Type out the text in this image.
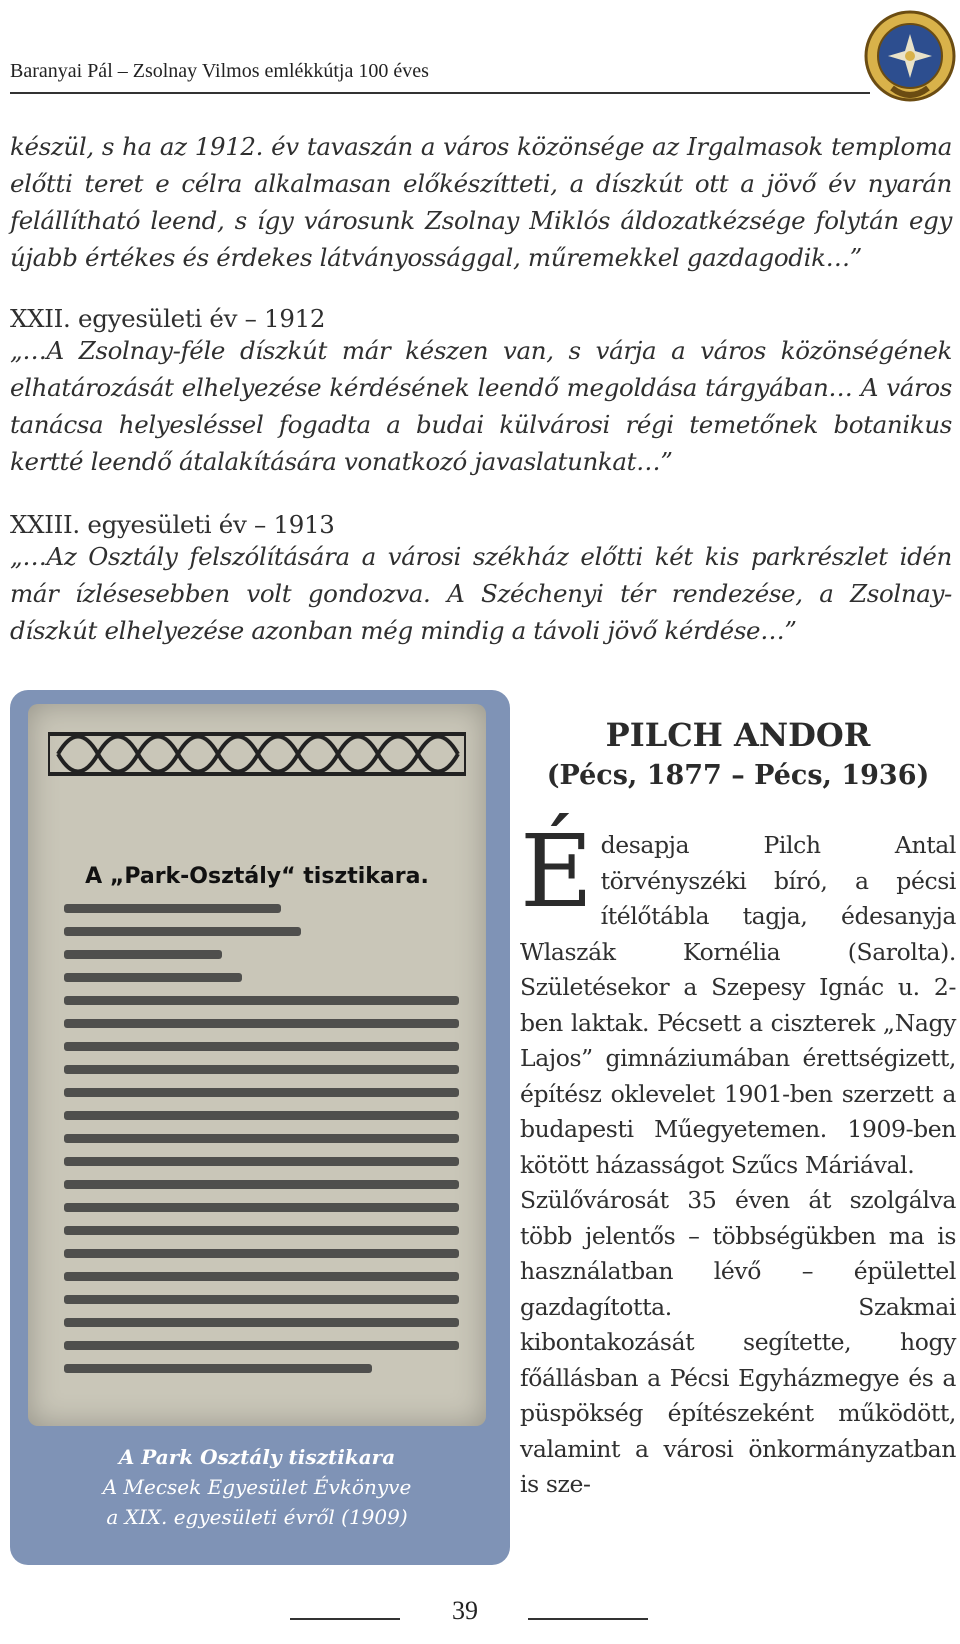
Baranyai Pál – Zsolnay Vilmos emlékkútja 100 éves

készül, s ha az 1912. év tavaszán a város közönsége az Irgalmasok temploma előtti teret e célra alkalmasan előkészítteti, a díszkút ott a jövő év nyarán felállítható leend, s így városunk Zsolnay Miklós áldozatkézsége folytán egy újabb értékes és érdekes látványossággal, műremekkel gazdagodik…”

XXII. egyesületi év – 1912

„…A Zsolnay-féle díszkút már készen van, s várja a város közönségének elhatározását elhelyezése kérdésének leendő megoldása tárgyában… A város tanácsa helyesléssel fogadta a budai külvárosi régi temetőnek botanikus kertté leendő átalakítására vonatkozó javaslatunkat…”

XXIII. egyesületi év – 1913

„…Az Osztály felszólítására a városi székház előtti két kis parkrészlet idén már ízlésesebben volt gondozva. A Széchenyi tér rendezése, a Zsolnay-díszkút elhelyezése azonban még mindig a távoli jövő kérdése…”

A „Park-Osztály“ tisztikara.
A Park Osztály tisztikara
A Mecsek Egyesület Évkönyve
a XIX. egyesületi évről (1909)
PILCH ANDOR
(Pécs, 1877 – Pécs, 1936)
É desapja Pilch Antal törvényszéki bíró, a pécsi ítélőtábla tagja, édesanyja Wlaszák Kornélia (Sarolta). Születésekor a Szepesy Ignác u. 2-ben laktak. Pécsett a ciszterek „Nagy Lajos” gimnáziumában érettségizett, építész oklevelet 1901-ben szerzett a budapesti Műegyetemen. 1909-ben kötött házasságot Szűcs Máriával.
Szülővárosát 35 éven át szolgálva több jelentős – többségükben ma is használatban lévő – épülettel gazdagította. Szakmai kibontakozását segítette, hogy főállásban a Pécsi Egyházmegye és a püspökség építészeként működött, valamint a városi önkormányzatban is sze-
39
